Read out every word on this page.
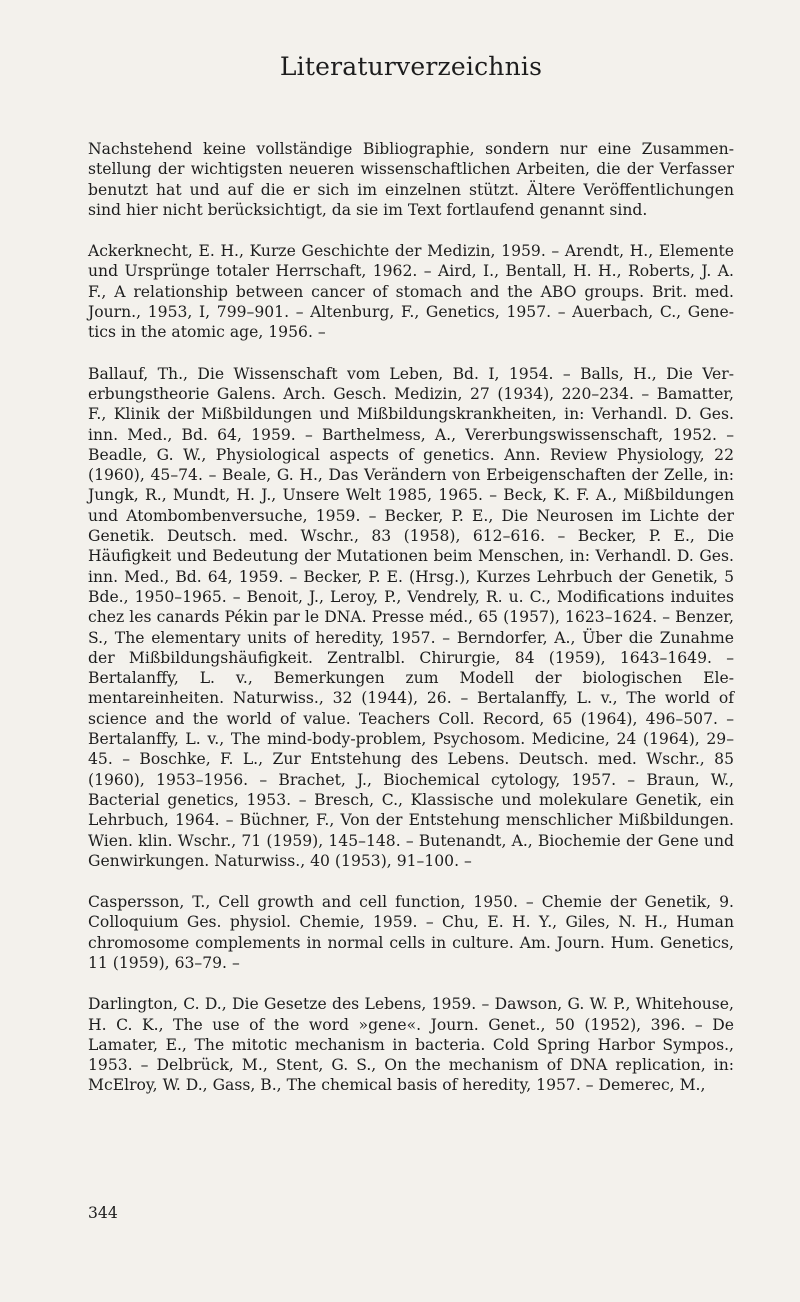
Literaturverzeichnis

Nachstehend keine vollständige Bibliographie, sondern nur eine Zusammenstellung der wichtigsten neueren wissenschaftlichen Arbeiten, die der Verfasser benutzt hat und auf die er sich im einzelnen stützt. Ältere Veröffentlichungen sind hier nicht berücksichtigt, da sie im Text fortlaufend genannt sind.

Ackerknecht, E. H., Kurze Geschichte der Medizin, 1959. – Arendt, H., Elemente und Ursprünge totaler Herrschaft, 1962. – Aird, I., Bentall, H. H., Roberts, J. A. F., A relationship between cancer of stomach and the ABO groups. Brit. med. Journ., 1953, I, 799–901. – Altenburg, F., Genetics, 1957. – Auerbach, C., Genetics in the atomic age, 1956. –

Ballauf, Th., Die Wissenschaft vom Leben, Bd. I, 1954. – Balls, H., Die Vererbungstheorie Galens. Arch. Gesch. Medizin, 27 (1934), 220–234. – Bamatter, F., Klinik der Mißbildungen und Mißbildungskrankheiten, in: Verhandl. D. Ges. inn. Med., Bd. 64, 1959. – Barthelmess, A., Vererbungswissenschaft, 1952. – Beadle, G. W., Physiological aspects of genetics. Ann. Review Physiology, 22 (1960), 45–74. – Beale, G. H., Das Verändern von Erbeigenschaften der Zelle, in: Jungk, R., Mundt, H. J., Unsere Welt 1985, 1965. – Beck, K. F. A., Mißbildungen und Atombombenversuche, 1959. – Becker, P. E., Die Neurosen im Lichte der Genetik. Deutsch. med. Wschr., 83 (1958), 612–616. – Becker, P. E., Die Häufigkeit und Bedeutung der Mutationen beim Menschen, in: Verhandl. D. Ges. inn. Med., Bd. 64, 1959. – Becker, P. E. (Hrsg.), Kurzes Lehrbuch der Genetik, 5 Bde., 1950–1965. – Benoit, J., Leroy, P., Vendrely, R. u. C., Modifications induites chez les canards Pékin par le DNA. Presse méd., 65 (1957), 1623–1624. – Benzer, S., The elementary units of heredity, 1957. – Berndorfer, A., Über die Zunahme der Mißbildungshäufigkeit. Zentralbl. Chirurgie, 84 (1959), 1643–1649. – Bertalanffy, L. v., Bemerkungen zum Modell der biologischen Elementareinheiten. Naturwiss., 32 (1944), 26. – Bertalanffy, L. v., The world of science and the world of value. Teachers Coll. Record, 65 (1964), 496–507. – Bertalanffy, L. v., The mind-body-problem, Psychosom. Medicine, 24 (1964), 29–45. – Boschke, F. L., Zur Entstehung des Lebens. Deutsch. med. Wschr., 85 (1960), 1953–1956. – Brachet, J., Biochemical cytology, 1957. – Braun, W., Bacterial genetics, 1953. – Bresch, C., Klassische und molekulare Genetik, ein Lehrbuch, 1964. – Büchner, F., Von der Entstehung menschlicher Mißbildungen. Wien. klin. Wschr., 71 (1959), 145–148. – Butenandt, A., Biochemie der Gene und Genwirkungen. Naturwiss., 40 (1953), 91–100. –

Caspersson, T., Cell growth and cell function, 1950. – Chemie der Genetik, 9. Colloquium Ges. physiol. Chemie, 1959. – Chu, E. H. Y., Giles, N. H., Human chromosome complements in normal cells in culture. Am. Journ. Hum. Genetics, 11 (1959), 63–79. –

Darlington, C. D., Die Gesetze des Lebens, 1959. – Dawson, G. W. P., Whitehouse, H. C. K., The use of the word »gene«. Journ. Genet., 50 (1952), 396. – De Lamater, E., The mitotic mechanism in bacteria. Cold Spring Harbor Sympos., 1953. – Delbrück, M., Stent, G. S., On the mechanism of DNA replication, in: McElroy, W. D., Gass, B., The chemical basis of heredity, 1957. – Demerec, M.,

344
